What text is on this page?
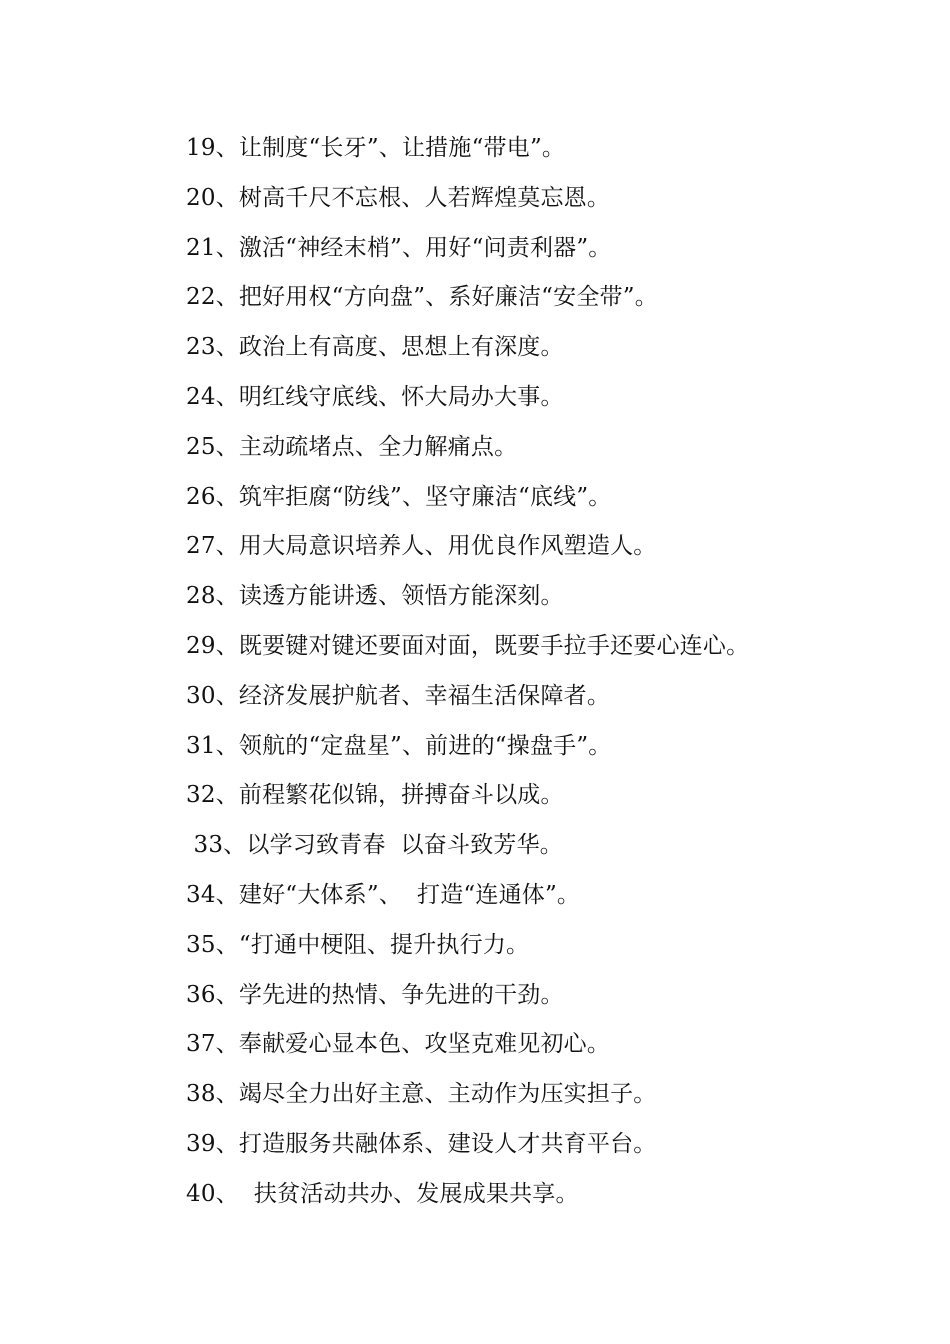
19、让制度“长牙”、让措施“带电”。
20、树高千尺不忘根、人若辉煌莫忘恩。
21、激活“神经末梢”、用好“问责利器”。
22、把好用权“方向盘”、系好廉洁“安全带”。
23、政治上有高度、思想上有深度。
24、明红线守底线、怀大局办大事。
25、主动疏堵点、全力解痛点。
26、筑牢拒腐“防线”、坚守廉洁“底线”。
27、用大局意识培养人、用优良作风塑造人。
28、读透方能讲透、领悟方能深刻。
29、既要键对键还要面对面，既要手拉手还要心连心。
30、经济发展护航者、幸福生活保障者。
31、领航的“定盘星”、前进的“操盘手”。
32、前程繁花似锦，拼搏奋斗以成。
33、以学习致青春  以奋斗致芳华。
34、建好“大体系”、  打造“连通体”。
35、“打通中梗阻、提升执行力。
36、学先进的热情、争先进的干劲。
37、奉献爱心显本色、攻坚克难见初心。
38、竭尽全力出好主意、主动作为压实担子。
39、打造服务共融体系、建设人才共育平台。
40、  扶贫活动共办、发展成果共享。
